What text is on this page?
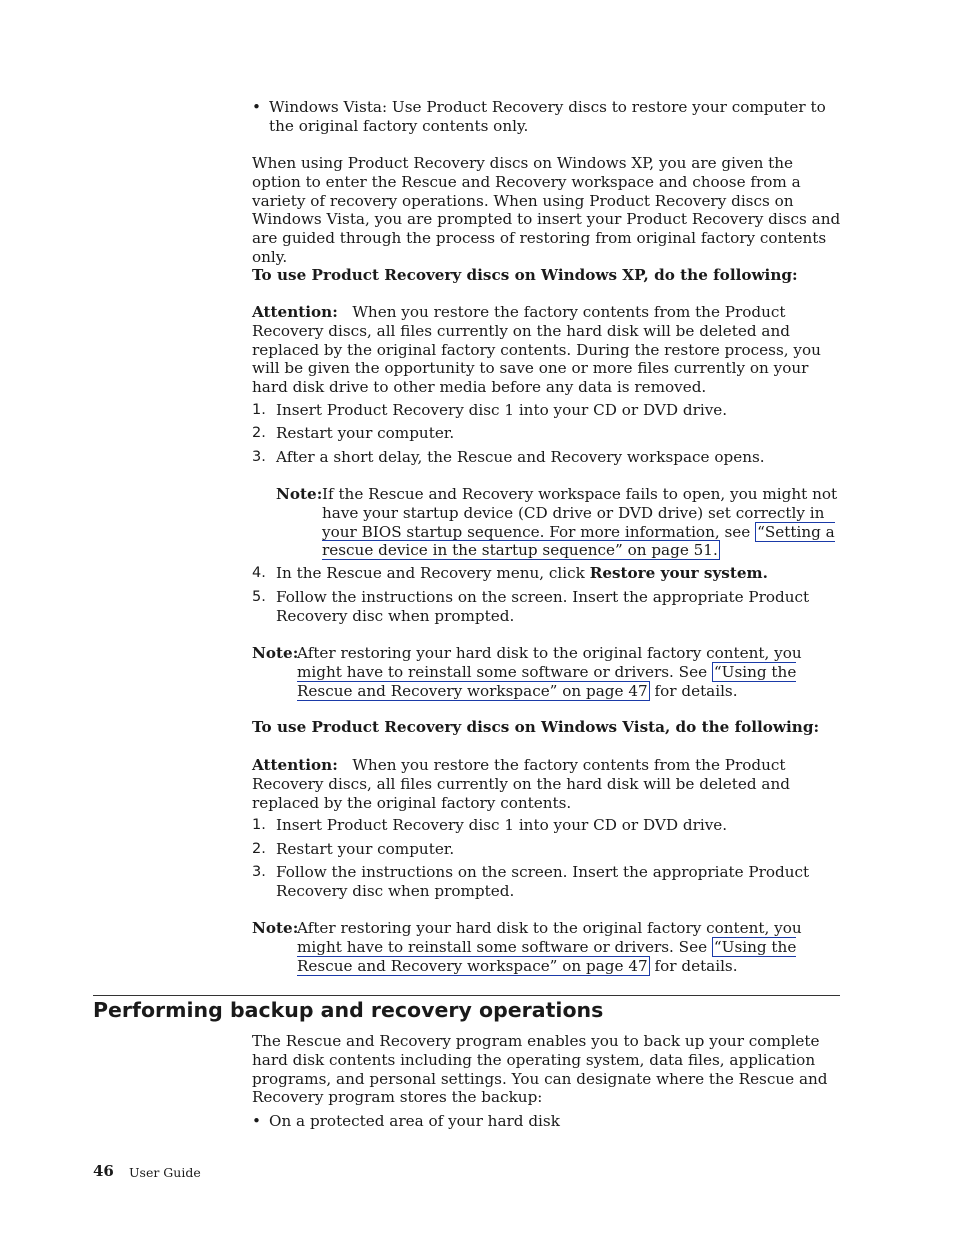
• Windows Vista: Use Product Recovery discs to restore your computer to the original factory contents only.
When using Product Recovery discs on Windows XP, you are given the option to enter the Rescue and Recovery workspace and choose from a variety of recovery operations. When using Product Recovery discs on Windows Vista, you are prompted to insert your Product Recovery discs and are guided through the process of restoring from original factory contents only.
To use Product Recovery discs on Windows XP, do the following:
Attention: When you restore the factory contents from the Product Recovery discs, all files currently on the hard disk will be deleted and replaced by the original factory contents. During the restore process, you will be given the opportunity to save one or more files currently on your hard disk drive to other media before any data is removed.
1. Insert Product Recovery disc 1 into your CD or DVD drive.
2. Restart your computer.
3. After a short delay, the Rescue and Recovery workspace opens.
Note: If the Rescue and Recovery workspace fails to open, you might not have your startup device (CD drive or DVD drive) set correctly in your BIOS startup sequence. For more information, see “Setting a rescue device in the startup sequence” on page 51.
4. In the Rescue and Recovery menu, click Restore your system.
5. Follow the instructions on the screen. Insert the appropriate Product Recovery disc when prompted.
Note:
After restoring your hard disk to the original factory content, you might have to reinstall some software or drivers. See “Using the Rescue and Recovery workspace” on page 47 for details.
To use Product Recovery discs on Windows Vista, do the following:
Attention: When you restore the factory contents from the Product Recovery discs, all files currently on the hard disk will be deleted and replaced by the original factory contents.
1. Insert Product Recovery disc 1 into your CD or DVD drive.
2. Restart your computer.
3. Follow the instructions on the screen. Insert the appropriate Product Recovery disc when prompted.
Note:
After restoring your hard disk to the original factory content, you might have to reinstall some software or drivers. See “Using the Rescue and Recovery workspace” on page 47 for details.
Performing backup and recovery operations
The Rescue and Recovery program enables you to back up your complete hard disk contents including the operating system, data files, application programs, and personal settings. You can designate where the Rescue and Recovery program stores the backup:
• On a protected area of your hard disk
46 User Guide
